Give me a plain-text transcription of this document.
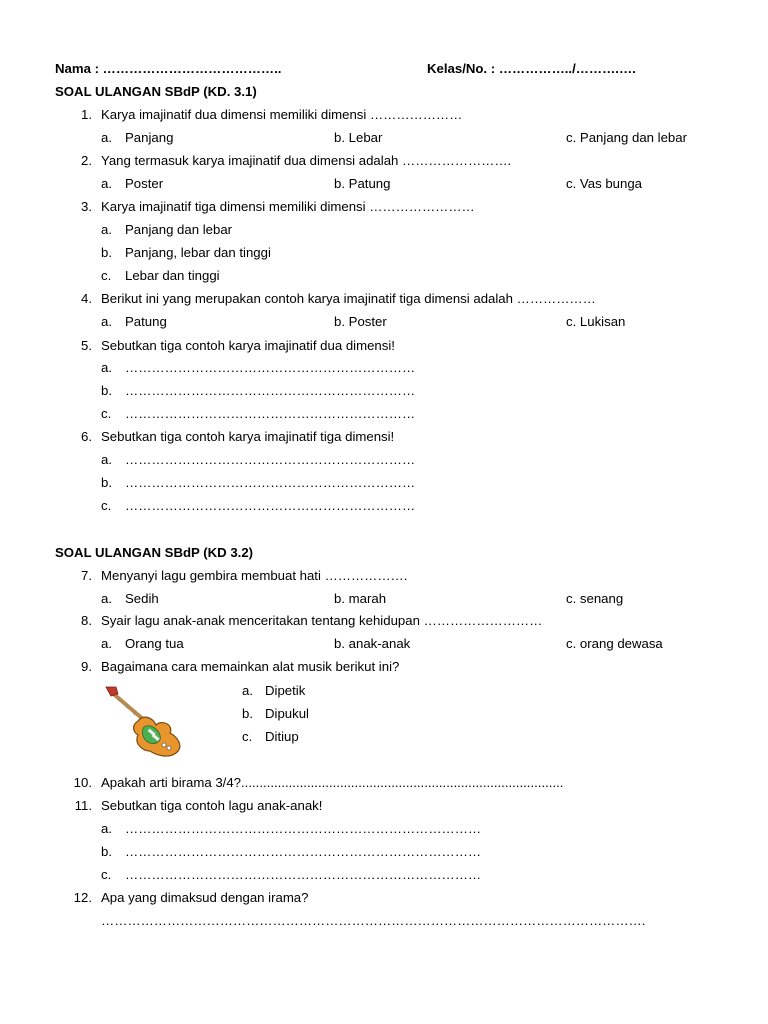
Nama : …………………………………..	Kelas/No. : ……………../……….….
SOAL ULANGAN SBdP (KD. 3.1)
1. Karya imajinatif dua dimensi memiliki dimensi …………………
a. Panjang	b. Lebar	c. Panjang dan lebar
2. Yang termasuk karya imajinatif dua dimensi adalah …………………….
a. Poster	b. Patung	c. Vas bunga
3. Karya imajinatif tiga dimensi memiliki dimensi ……………………
a. Panjang dan lebar
b. Panjang, lebar dan tinggi
c. Lebar dan tinggi
4. Berikut ini yang merupakan contoh karya imajinatif tiga dimensi adalah ………………
a. Patung	b. Poster	c. Lukisan
5. Sebutkan tiga contoh karya imajinatif dua dimensi!
a. …………………………………………………………
b. …………………………………………………………
c. …………………………………………………………
6. Sebutkan tiga contoh karya imajinatif tiga dimensi!
a. …………………………………………………………
b. …………………………………………………………
c. …………………………………………………………
SOAL ULANGAN SBdP (KD 3.2)
7. Menyanyi lagu gembira membuat hati ……………….
a. Sedih	b. marah	c. senang
8. Syair lagu anak-anak menceritakan tentang kehidupan ………………………
a. Orang tua	b. anak-anak	c. orang dewasa
9. Bagaimana cara memainkan alat musik berikut ini?
a. Dipetik
b. Dipukul
c. Ditiup
10. Apakah arti birama 3/4?........................................................................................
11. Sebutkan tiga contoh lagu anak-anak!
a. ………………………………………………………………………
b. ………………………………………………………………………
c. ………………………………………………………………………
12. Apa yang dimaksud dengan irama?
…………………………………………………………………………………………………………….
